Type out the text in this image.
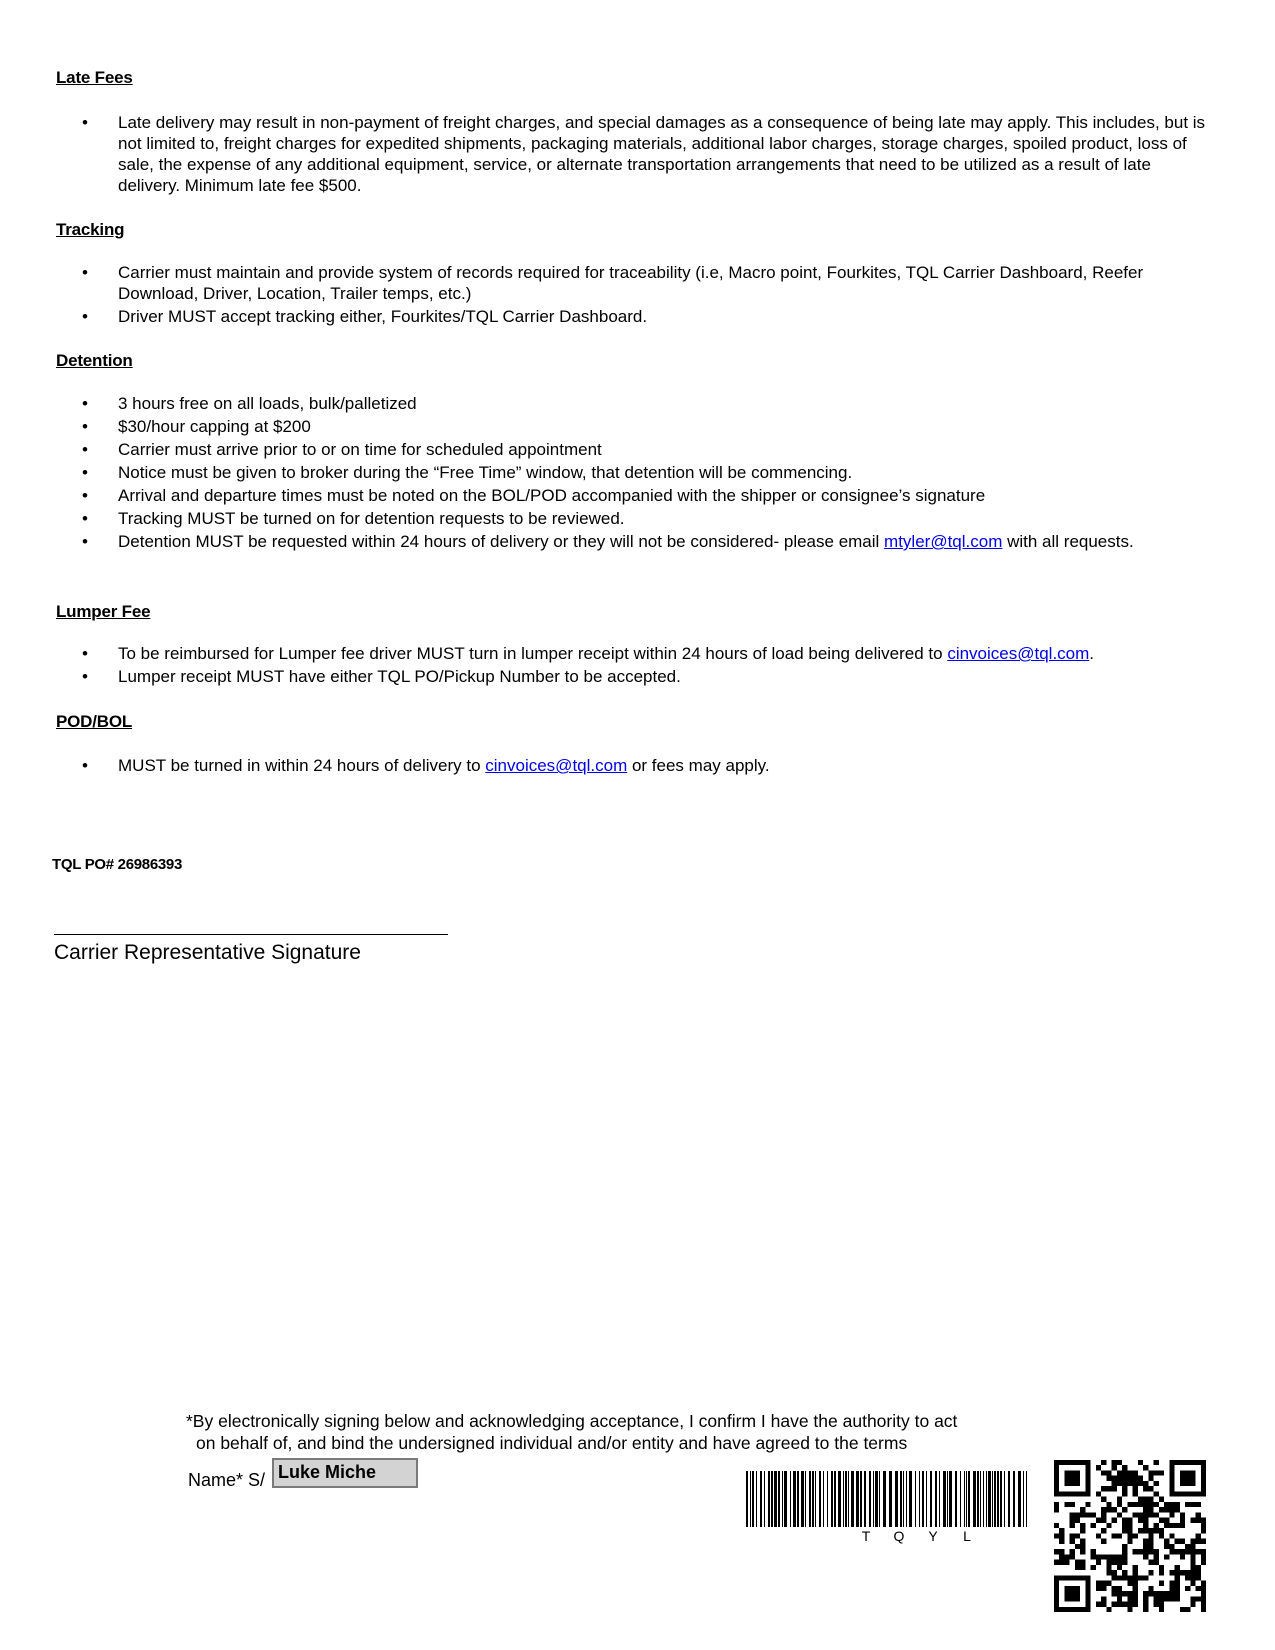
Late Fees
• Late delivery may result in non-payment of freight charges, and special damages as a consequence of being late may apply. This includes, but is not limited to, freight charges for expedited shipments, packaging materials, additional labor charges, storage charges, spoiled product, loss of sale, the expense of any additional equipment, service, or alternate transportation arrangements that need to be utilized as a result of late delivery. Minimum late fee $500.
Tracking
• Carrier must maintain and provide system of records required for traceability (i.e, Macro point, Fourkites, TQL Carrier Dashboard, Reefer Download, Driver, Location, Trailer temps, etc.)
• Driver MUST accept tracking either, Fourkites/TQL Carrier Dashboard.
Detention
• 3 hours free on all loads, bulk/palletized
• $30/hour capping at $200
• Carrier must arrive prior to or on time for scheduled appointment
• Notice must be given to broker during the “Free Time” window, that detention will be commencing.
• Arrival and departure times must be noted on the BOL/POD accompanied with the shipper or consignee’s signature
• Tracking MUST be turned on for detention requests to be reviewed.
• Detention MUST be requested within 24 hours of delivery or they will not be considered- please email mtyler@tql.com with all requests.
Lumper Fee
• To be reimbursed for Lumper fee driver MUST turn in lumper receipt within 24 hours of load being delivered to cinvoices@tql.com.
• Lumper receipt MUST have either TQL PO/Pickup Number to be accepted.
POD/BOL
• MUST be turned in within 24 hours of delivery to cinvoices@tql.com or fees may apply.
TQL PO# 26986393
Carrier Representative Signature
*By electronically signing below and acknowledging acceptance, I confirm I have the authority to act
on behalf of, and bind the undersigned individual and/or entity and have agreed to the terms
Name* S/ Luke Miche
T Q Y L
